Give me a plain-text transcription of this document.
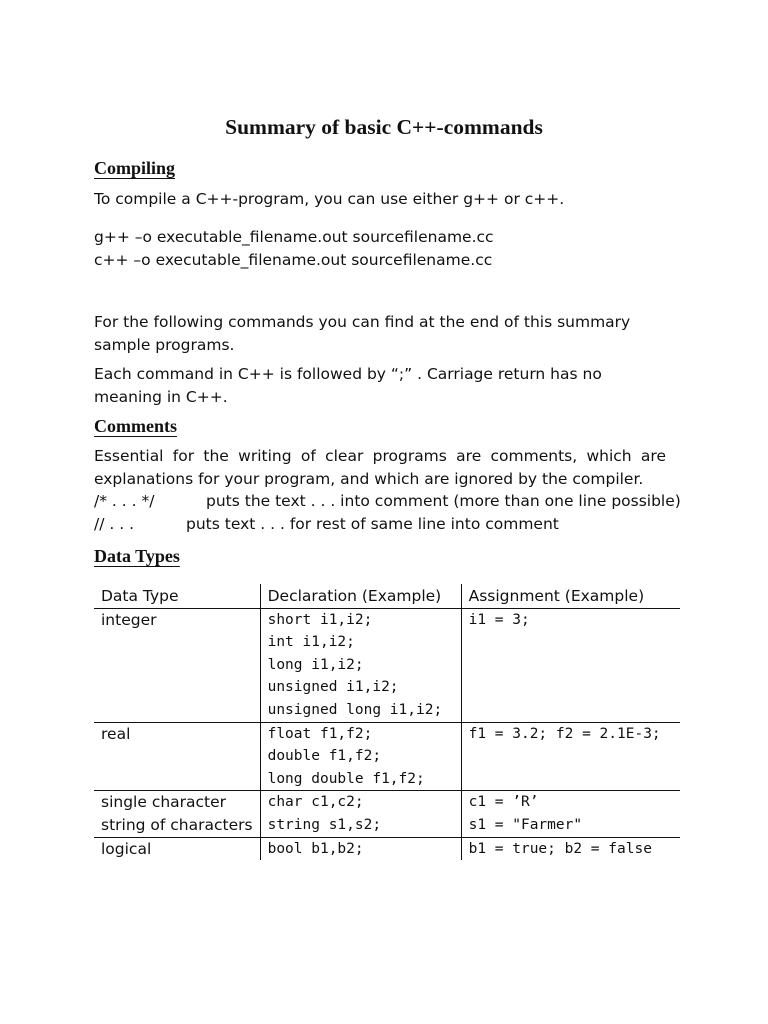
Summary of basic C++-commands
Compiling
To compile a C++-program, you can use either g++ or c++.
g++ –o executable_filename.out sourcefilename.cc
c++ –o executable_filename.out sourcefilename.cc
For the following commands you can find at the end of this summary sample programs.
Each command in C++ is followed by “;” . Carriage return has no meaning in C++.
Comments
Essential for the writing of clear programs are comments, which are explanations for your program, and which are ignored by the compiler.
/* . . . */	puts the text . . . into comment (more than one line possible)
// . . .	puts text . . . for rest of same line into comment
Data Types
Data Type	Declaration (Example)	Assignment (Example)
integer	short i1,i2;	i1 = 3;
	int i1,i2;	
	long i1,i2;	
	unsigned i1,i2;	
	unsigned long i1,i2;	
real	float f1,f2;	f1 = 3.2; f2 = 2.1E-3;
	double f1,f2;	
	long double f1,f2;	
single character	char c1,c2;	c1 = ’R’
string of characters	string s1,s2;	s1 = "Farmer"
logical	bool b1,b2;	b1 = true; b2 = false
